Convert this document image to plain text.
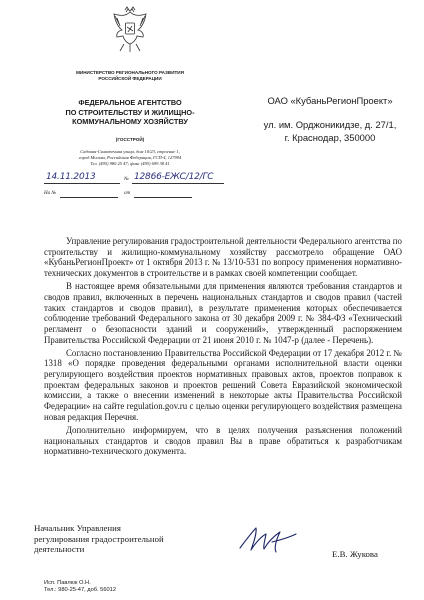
МИНИСТЕРСТВО РЕГИОНАЛЬНОГО РАЗВИТИЯ
РОССИЙСКОЙ ФЕДЕРАЦИИ
ФЕДЕРАЛЬНОЕ АГЕНТСТВО
ПО СТРОИТЕЛЬСТВУ И ЖИЛИЩНО-
КОММУНАЛЬНОМУ ХОЗЯЙСТВУ
(ГОССТРОЙ)
Садовая-Самотечная улица, дом 10/23, строение 1,
город Москва, Российская Федерация, ГСП-4, 127994
Тел. (495) 980 25 47; факс (495) 699 38 41
14.11.2013	№ 12866-ЕЖС/12/ГС
На №	от
ОАО «КубаньРегионПроект»
ул. им. Орджоникидзе, д. 27/1,
г. Краснодар, 350000

Управление регулирования градостроительной деятельности Федерального агентства по строительству и жилищно-коммунальному хозяйству рассмотрело обращение ОАО «КубаньРегионПроект» от 1 октября 2013 г. № 13/10-531 по вопросу применения нормативно-технических документов в строительстве и в рамках своей компетенции сообщает.

В настоящее время обязательными для применения являются требования стандартов и сводов правил, включенных в перечень национальных стандартов и сводов правил (частей таких стандартов и сводов правил), в результате применения которых обеспечивается соблюдение требований Федерального закона от 30 декабря 2009 г. № 384-ФЗ «Технический регламент о безопасности зданий и сооружений», утвержденный распоряжением Правительства Российской Федерации от 21 июня 2010 г. № 1047-р (далее - Перечень).

Согласно постановлению Правительства Российской Федерации от 17 декабря 2012 г. № 1318 «О порядке проведения федеральными органами исполнительной власти оценки регулирующего воздействия проектов нормативных правовых актов, проектов поправок к проектам федеральных законов и проектов решений Совета Евразийской экономической комиссии, а также о внесении изменений в некоторые акты Правительства Российской Федерации» на сайте regulation.gov.ru с целью оценки регулирующего воздействия размещена новая редакция Перечня.

Дополнительно информируем, что в целях получения разъяснения положений национальных стандартов и сводов правил Вы в праве обратиться к разработчикам нормативно-технического документа.

Начальник Управления
регулирования градостроительной
деятельности	Е.В. Жукова
Исп. Павлюк О.Н.
Тел.: 980-25-47, доб. 56012
